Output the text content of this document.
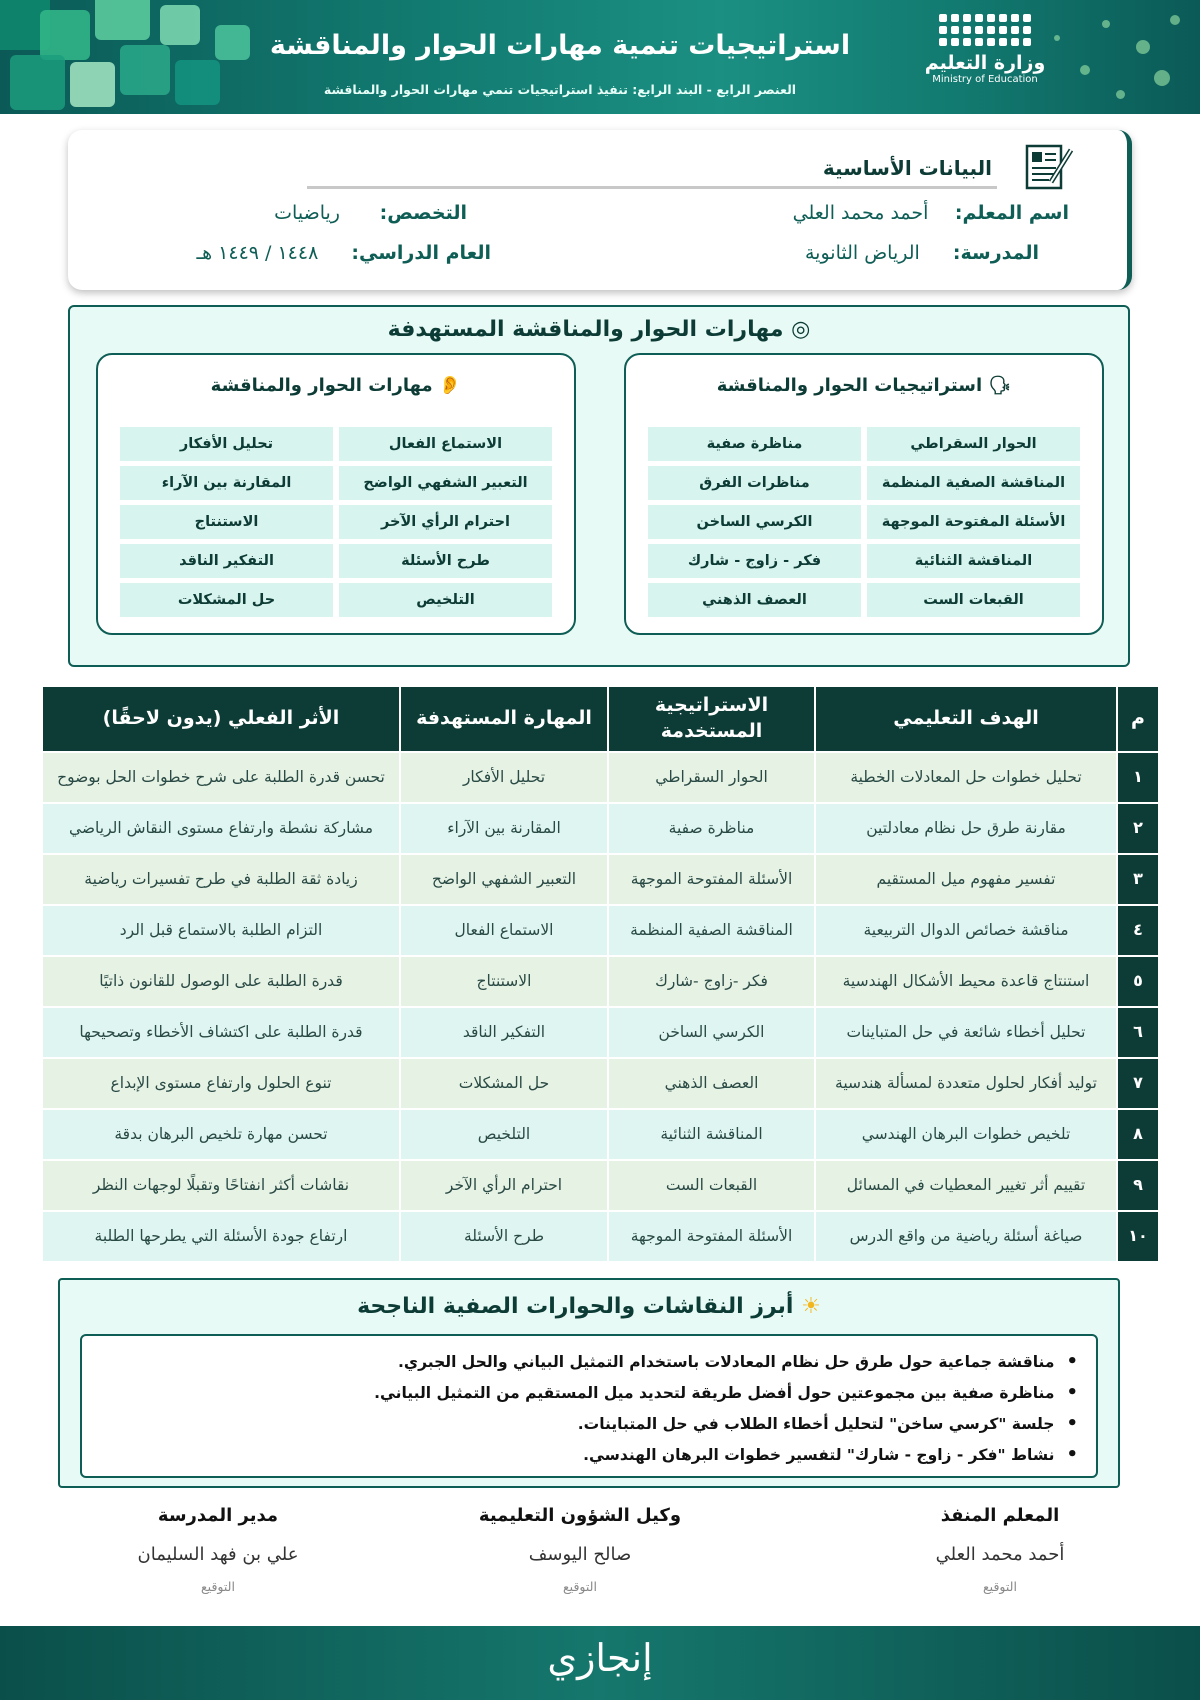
وزارة التعليم
Ministry of Education
استراتيجيات تنمية مهارات الحوار والمناقشة
العنصر الرابع - البند الرابع: تنفيذ استراتيجيات تنمي مهارات الحوار والمناقشة
البيانات الأساسية
اسم المعلم:    أحمد محمد العلي
التخصص:      رياضيات
المدرسة:     الرياض الثانوية
العام الدراسي:     ١٤٤٨ / ١٤٤٩ هـ
◎ مهارات الحوار والمناقشة المستهدفة
🗣 استراتيجيات الحوار والمناقشة
الحوار السقراطي
مناظرة صفية
المناقشة الصفية المنظمة
مناظرات الفرق
الأسئلة المفتوحة الموجهة
الكرسي الساخن
المناقشة الثنائية
فكر - زاوج - شارك
القبعات الست
العصف الذهني
👂 مهارات الحوار والمناقشة
الاستماع الفعال
تحليل الأفكار
التعبير الشفهي الواضح
المقارنة بين الآراء
احترام الرأي الآخر
الاستنتاج
طرح الأسئلة
التفكير الناقد
التلخيص
حل المشكلات
م	الهدف التعليمي	الاستراتيجية المستخدمة	المهارة المستهدفة	الأثر الفعلي (يدون لاحقًا)
١	تحليل خطوات حل المعادلات الخطية	الحوار السقراطي	تحليل الأفكار	تحسن قدرة الطلبة على شرح خطوات الحل بوضوح
٢	مقارنة طرق حل نظام معادلتين	مناظرة صفية	المقارنة بين الآراء	مشاركة نشطة وارتفاع مستوى النقاش الرياضي
٣	تفسير مفهوم ميل المستقيم	الأسئلة المفتوحة الموجهة	التعبير الشفهي الواضح	زيادة ثقة الطلبة في طرح تفسيرات رياضية
٤	مناقشة خصائص الدوال التربيعية	المناقشة الصفية المنظمة	الاستماع الفعال	التزام الطلبة بالاستماع قبل الرد
٥	استنتاج قاعدة محيط الأشكال الهندسية	فكر -زاوج -شارك	الاستنتاج	قدرة الطلبة على الوصول للقانون ذاتيًا
٦	تحليل أخطاء شائعة في حل المتباينات	الكرسي الساخن	التفكير الناقد	قدرة الطلبة على اكتشاف الأخطاء وتصحيحها
٧	توليد أفكار لحلول متعددة لمسألة هندسية	العصف الذهني	حل المشكلات	تنوع الحلول وارتفاع مستوى الإبداع
٨	تلخيص خطوات البرهان الهندسي	المناقشة الثنائية	التلخيص	تحسن مهارة تلخيص البرهان بدقة
٩	تقييم أثر تغيير المعطيات في المسائل	القبعات الست	احترام الرأي الآخر	نقاشات أكثر انفتاحًا وتقبلًا لوجهات النظر
١٠	صياغة أسئلة رياضية من واقع الدرس	الأسئلة المفتوحة الموجهة	طرح الأسئلة	ارتفاع جودة الأسئلة التي يطرحها الطلبة
☀ أبرز النقاشات والحوارات الصفية الناجحة
• مناقشة جماعية حول طرق حل نظام المعادلات باستخدام التمثيل البياني والحل الجبري.
• مناظرة صفية بين مجموعتين حول أفضل طريقة لتحديد ميل المستقيم من التمثيل البياني.
• جلسة "كرسي ساخن" لتحليل أخطاء الطلاب في حل المتباينات.
• نشاط "فكر - زاوج - شارك" لتفسير خطوات البرهان الهندسي.
المعلم المنفذ
أحمد محمد العلي
التوقيع
وكيل الشؤون التعليمية
صالح اليوسف
التوقيع
مدير المدرسة
علي بن فهد السليمان
التوقيع
إنجازي
